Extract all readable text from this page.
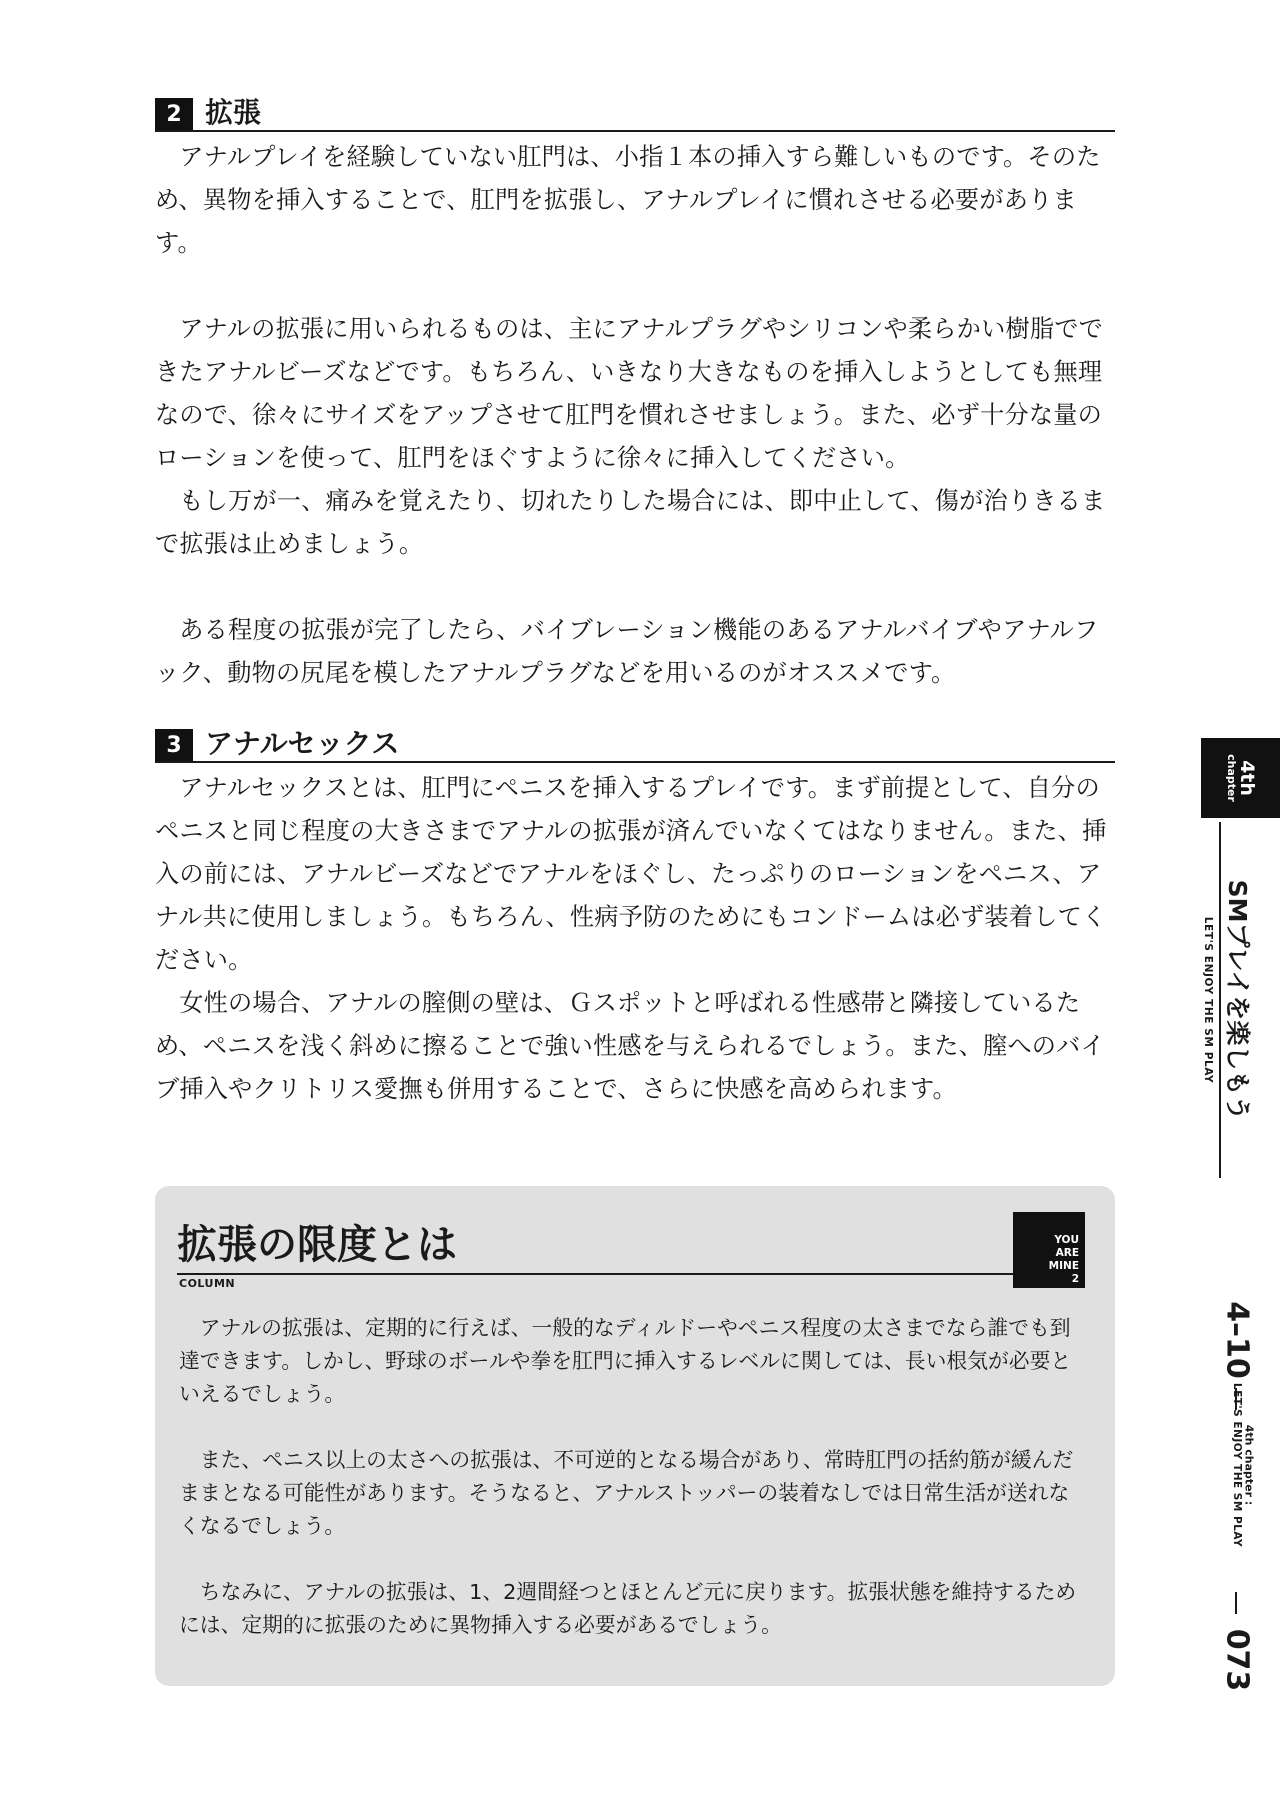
2 拡張

アナルプレイを経験していない肛門は、小指１本の挿入すら難しいものです。そのため、異物を挿入することで、肛門を拡張し、アナルプレイに慣れさせる必要があります。

アナルの拡張に用いられるものは、主にアナルプラグやシリコンや柔らかい樹脂でできたアナルビーズなどです。もちろん、いきなり大きなものを挿入しようとしても無理なので、徐々にサイズをアップさせて肛門を慣れさせましょう。また、必ず十分な量のローションを使って、肛門をほぐすように徐々に挿入してください。

もし万が一、痛みを覚えたり、切れたりした場合には、即中止して、傷が治りきるまで拡張は止めましょう。

ある程度の拡張が完了したら、バイブレーション機能のあるアナルバイブやアナルフック、動物の尻尾を模したアナルプラグなどを用いるのがオススメです。

3 アナルセックス

アナルセックスとは、肛門にペニスを挿入するプレイです。まず前提として、自分のペニスと同じ程度の大きさまでアナルの拡張が済んでいなくてはなりません。また、挿入の前には、アナルビーズなどでアナルをほぐし、たっぷりのローションをペニス、アナル共に使用しましょう。もちろん、性病予防のためにもコンドームは必ず装着してください。

女性の場合、アナルの膣側の壁は、Ｇスポットと呼ばれる性感帯と隣接しているため、ペニスを浅く斜めに擦ることで強い性感を与えられるでしょう。また、膣へのバイブ挿入やクリトリス愛撫も併用することで、さらに快感を高められます。

拡張の限度とは
COLUMN
YOU
ARE
MINE
2

アナルの拡張は、定期的に行えば、一般的なディルドーやペニス程度の太さまでなら誰でも到達できます。しかし、野球のボールや拳を肛門に挿入するレベルに関しては、長い根気が必要といえるでしょう。

また、ペニス以上の太さへの拡張は、不可逆的となる場合があり、常時肛門の括約筋が緩んだままとなる可能性があります。そうなると、アナルストッパーの装着なしでは日常生活が送れなくなるでしょう。

ちなみに、アナルの拡張は、1、2週間経つとほとんど元に戻ります。拡張状態を維持するためには、定期的に拡張のために異物挿入する必要があるでしょう。

4th
chapter
SMプレイを楽しもう
LET'S ENJOY THE SM PLAY
4–10
4th chapter :
LET'S ENJOY THE SM PLAY
073
